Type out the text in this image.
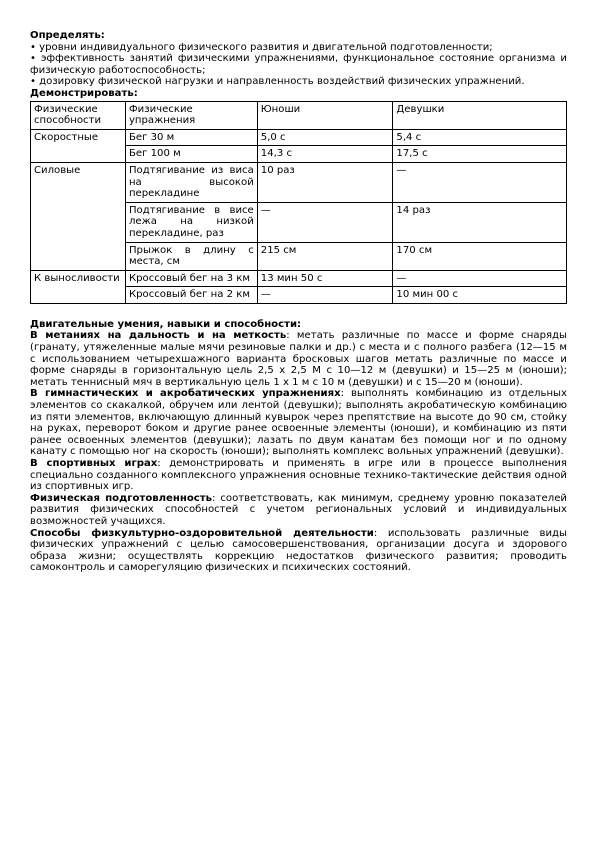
Определять:
• уровни индивидуального физического развития и двигательной подготовленности;
• эффективность занятий физическими упражнениями, функциональное состояние организма и физическую работоспособность;
• дозировку физической нагрузки и направленность воздействий физических упражнений.
Демонстрировать:
Физические способности	Физические упражнения	Юноши	Девушки
Скоростные	Бег 30 м	5,0 с	5,4 с
	Бег 100 м	14,3 с	17,5 с
Силовые	Подтягивание из виса на высокой перекладине	10 раз	—
	Подтягивание в висе лежа на низкой перекладине, раз	—	14 раз
	Прыжок в длину с места, см	215 см	170 см
К выносливости	Кроссовый бег на 3 км	13 мин 50 с	—
	Кроссовый бег на 2 км	—	10 мин 00 с
Двигательные умения, навыки и способности:
В метаниях на дальность и на меткость: метать различные по массе и форме снаряды (гранату, утяжеленные малые мячи резиновые палки и др.) с места и с полного разбега (12—15 м с использованием четырехшажного варианта бросковых шагов метать различные по массе и форме снаряды в горизонтальную цель 2,5 х 2,5 М с 10—12 м (девушки) и 15—25 м (юноши); метать теннисный мяч в вертикальную цель 1 х 1 м с 10 м (девушки) и с 15—20 м (юноши).
В гимнастических и акробатических упражнениях: выполнять комбинацию из отдельных элементов со скакалкой, обручем или лентой (девушки); выполнять акробатическую комбинацию из пяти элементов, включающую длинный кувырок через препятствие на высоте до 90 см, стойку на руках, переворот боком и другие ранее освоенные элементы (юноши), и комбинацию из пяти ранее освоенных элементов (девушки); лазать по двум канатам без помощи ног и по одному канату с помощью ног на скорость (юноши); выполнять комплекс вольных упражнений (девушки).
В спортивных играх: демонстрировать и применять в игре или в процессе выполнения специально созданного комплексного упражнения основные технико-тактические действия одной из спортивных игр.
Физическая подготовленность: соответствовать, как минимум, среднему уровню показателей развития физических способностей с учетом региональных условий и индивидуальных возможностей учащихся.
Способы физкультурно-оздоровительной деятельности: использовать различные виды физических упражнений с целью самосовершенствования, организации досуга и здорового образа жизни; осуществлять коррекцию недостатков физического развития; проводить самоконтроль и саморегуляцию физических и психических состояний.
